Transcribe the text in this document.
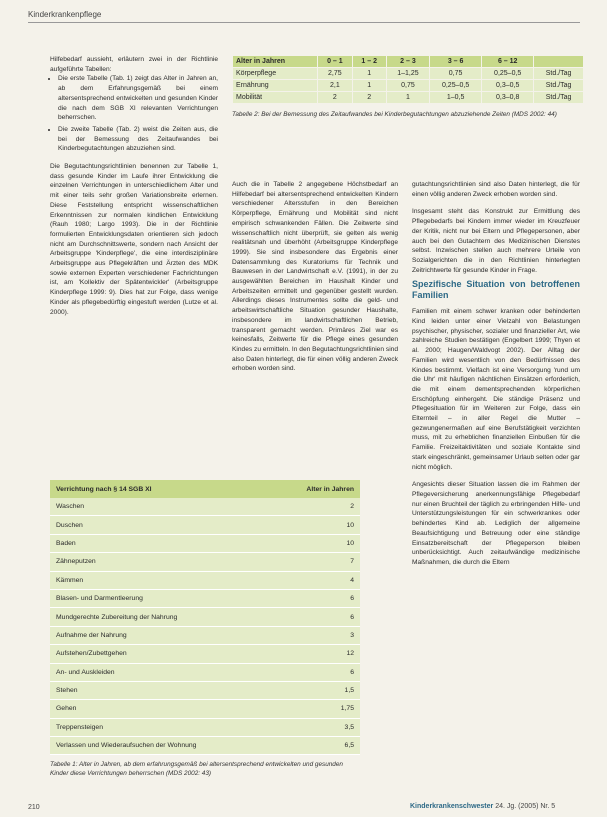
Kinderkrankenpflege

Hilfebedarf aussieht, erläutern zwei in der Richtlinie aufgeführte Tabellen:

• Die erste Tabelle (Tab. 1) zeigt das Alter in Jahren an, ab dem Erfahrungsgemäß bei einem altersentsprechend entwickelten und gesunden Kinder die nach dem SGB XI relevanten Verrichtungen beherrschen.
• Die zweite Tabelle (Tab. 2) weist die Zeiten aus, die bei der Bemessung des Zeitaufwandes bei Kinderbegutachtungen abzuziehen sind.

Die Begutachtungsrichtlinien benennen zur Tabelle 1, dass gesunde Kinder im Laufe ihrer Entwicklung die einzelnen Verrichtungen in unterschiedlichem Alter und mit einer teils sehr großen Variationsbreite erlernen. Diese Feststellung entspricht wissenschaftlichen Erkenntnissen zur normalen kindlichen Entwicklung (Rauh 1980; Largo 1993). Die in der Richtlinie formulierten Entwicklungsdaten orientieren sich jedoch nicht am Durchschnittswerte, sondern nach Ansicht der Arbeitsgruppe 'Kinderpflege', die eine interdisziplinäre Arbeitsgruppe aus Pflegekräften und Ärzten des MDK sowie externen Experten verschiedener Fachrichtungen ist, am 'Kollektiv der Spätentwickler' (Arbeitsgruppe Kinderpflege 1999: 9). Dies hat zur Folge, dass wenige Kinder als pflegebedürftig eingestuft werden (Lutze et al. 2000).

Alter in Jahren	0 – 1	1 – 2	2 – 3	3 – 6	6 – 12	
Körperpflege	2,75	1	1–1,25	0,75	0,25–0,5	Std./Tag
Ernährung	2,1	1	0,75	0,25–0,5	0,3–0,5	Std./Tag
Mobilität	2	2	1	1–0,5	0,3–0,8	Std./Tag
Tabelle 2: Bei der Bemessung des Zeitaufwandes bei Kinderbegutachtungen abzuziehende Zeiten (MDS 2002: 44)

Auch die in Tabelle 2 angegebene Höchstbedarf an Hilfebedarf bei altersentsprechend entwickelten Kindern verschiedener Altersstufen in den Bereichen Körperpflege, Ernährung und Mobilität sind nicht empirisch schwankenden Fällen. Die Zeitwerte sind wissenschaftlich nicht überprüft, sie gelten als wenig realitätsnah und überhöht (Arbeitsgruppe Kinderpflege 1999). Sie sind insbesondere das Ergebnis einer Datensammlung des Kuratoriums für Technik und Bauwesen in der Landwirtschaft e.V. (1991), in der zu ausgewählten Bereichen im Haushalt Kinder und Arbeitszeiten ermittelt und gegenüber gestellt wurden. Allerdings dieses Instrumentes sollte die geld- und arbeitswirtschaftliche Situation gesunder Haushalte, insbesondere im landwirtschaftlichen Betrieb, transparent gemacht werden. Primäres Ziel war es keinesfalls, Zeitwerte für die Pflege eines gesunden Kindes zu ermitteln. In den Begutachtungsrichtlinien sind also Daten hinterlegt, die für einen völlig anderen Zweck erhoben worden sind.

gutachtungsrichtlinien sind also Daten hinterlegt, die für einen völlig anderen Zweck erhoben worden sind.

Insgesamt steht das Konstrukt zur Ermittlung des Pflegebedarfs bei Kindern immer wieder im Kreuzfeuer der Kritik, nicht nur bei Eltern und Pflegepersonen, aber auch bei den Gutachtern des Medizinischen Dienstes selbst. Inzwischen stellen auch mehrere Urteile von Sozialgerichten die in den Richtlinien hinterlegten Zeitrichtwerte für gesunde Kinder in Frage.

Spezifische Situation von betroffenen Familien

Familien mit einem schwer kranken oder behinderten Kind leiden unter einer Vielzahl von Belastungen psychischer, physischer, sozialer und finanzieller Art, wie zahlreiche Studien bestätigen (Engelbert 1999; Thyen et al. 2000; Haugen/Waldvogt 2002). Der Alltag der Familien wird wesentlich von den Bedürfnissen des Kindes bestimmt. Vielfach ist eine Versorgung 'rund um die Uhr' mit häufigen nächtlichen Einsätzen erforderlich, die mit einem dementsprechenden körperlichen Erschöpfung einhergeht. Die ständige Präsenz und Pflegesituation für im Weiteren zur Folge, dass ein Elternteil – in aller Regel die Mutter – gezwungenermaßen auf eine Berufstätigkeit verzichten muss, mit zu erheblichen finanziellen Einbußen für die Familie. Freizeitaktivitäten und soziale Kontakte sind stark eingeschränkt, gemeinsamer Urlaub selten oder gar nicht möglich.

Angesichts dieser Situation lassen die im Rahmen der Pflegeversicherung anerkennungsfähige Pflegebedarf nur einen Bruchteil der täglich zu erbringenden Hilfe- und Unterstützungsleistungen für ein schwerkrankes oder behindertes Kind ab. Lediglich der allgemeine Beaufsichtigung und Betreuung oder eine ständige Einsatzbereitschaft der Pflegeperson bleiben unberücksichtigt. Auch zeitaufwändige medizinische Maßnahmen, die durch die Eltern

Verrichtung nach § 14 SGB XI	Alter in Jahren
Waschen	2
Duschen	10
Baden	10
Zähneputzen	7
Kämmen	4
Blasen- und Darmentleerung	6
Mundgerechte Zubereitung der Nahrung	6
Aufnahme der Nahrung	3
Aufstehen/Zubettgehen	12
An- und Auskleiden	6
Stehen	1,5
Gehen	1,75
Treppensteigen	3,5
Verlassen und Wiederaufsuchen der Wohnung	6,5
Tabelle 1: Alter in Jahren, ab dem erfahrungsgemäß bei altersentsprechend entwickelten und gesunden Kinder diese Verrichtungen beherrschen (MDS 2002: 43)
210	Kinderkrankenschwester 24. Jg. (2005) Nr. 5
